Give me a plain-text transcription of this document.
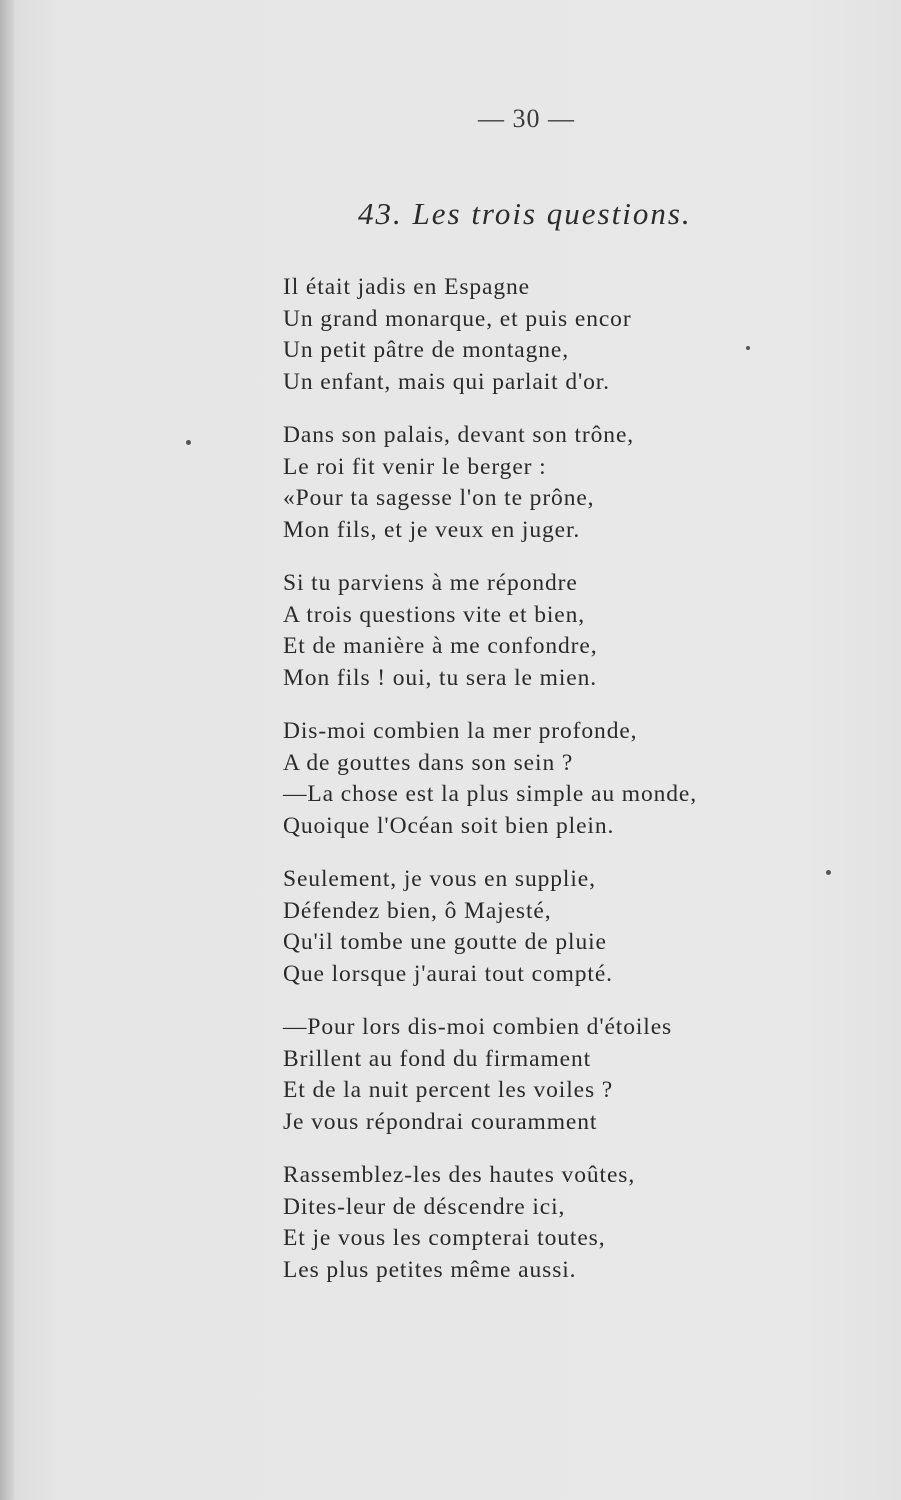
— 30 —
43. Les trois questions.
Il était jadis en Espagne
Un grand monarque, et puis encor
Un petit pâtre de montagne,
Un enfant, mais qui parlait d'or.
Dans son palais, devant son trône,
Le roi fit venir le berger :
«Pour ta sagesse l'on te prône,
Mon fils, et je veux en juger.
Si tu parviens à me répondre
A trois questions vite et bien,
Et de manière à me confondre,
Mon fils ! oui, tu sera le mien.
Dis-moi combien la mer profonde,
A de gouttes dans son sein ?
—La chose est la plus simple au monde,
Quoique l'Océan soit bien plein.
Seulement, je vous en supplie,
Défendez bien, ô Majesté,
Qu'il tombe une goutte de pluie
Que lorsque j'aurai tout compté.
—Pour lors dis-moi combien d'étoiles
Brillent au fond du firmament
Et de la nuit percent les voiles ?
Je vous répondrai couramment
Rassemblez-les des hautes voûtes,
Dites-leur de déscendre ici,
Et je vous les compterai toutes,
Les plus petites même aussi.
